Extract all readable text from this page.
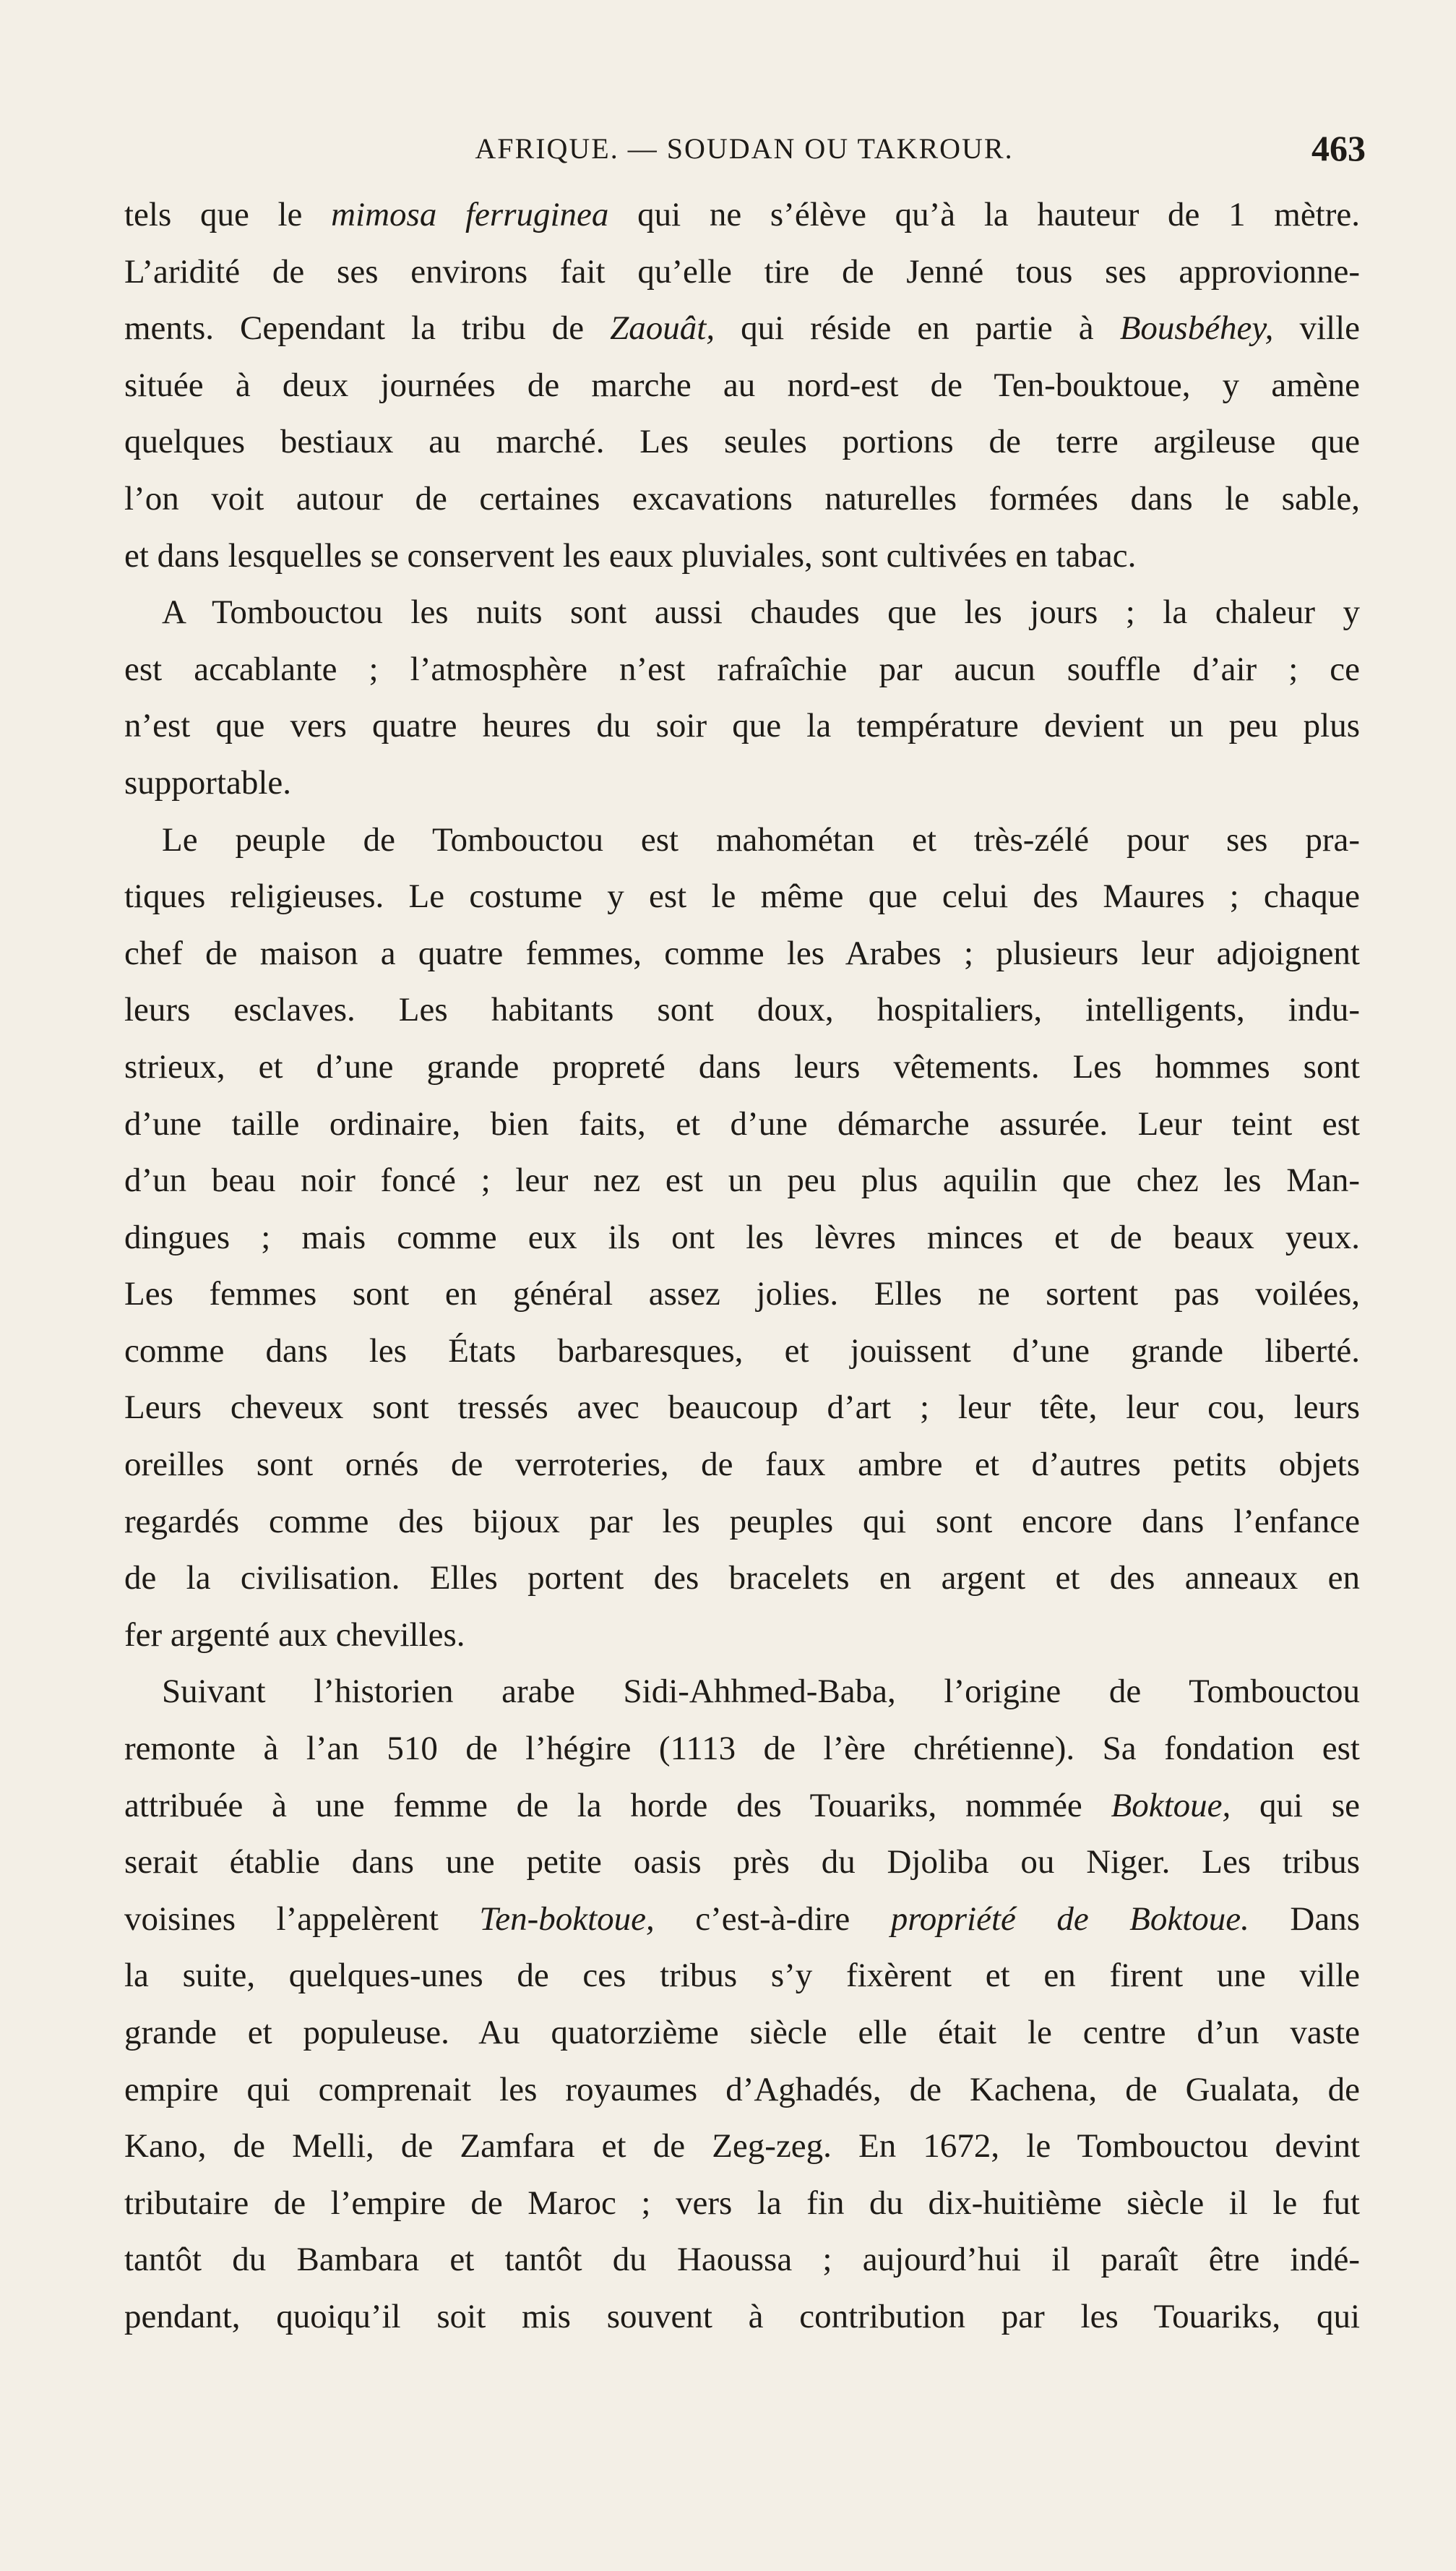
AFRIQUE. — SOUDAN OU TAKROUR.	463
tels que le mimosa ferruginea qui ne s’élève qu’à la hauteur de 1 mètre.
L’aridité de ses environs fait qu’elle tire de Jenné tous ses approvionne-
ments. Cependant la tribu de Zaouât, qui réside en partie à Bousbéhey, ville
située à deux journées de marche au nord-est de Ten-bouktoue, y amène
quelques bestiaux au marché. Les seules portions de terre argileuse que
l’on voit autour de certaines excavations naturelles formées dans le sable,
et dans lesquelles se conservent les eaux pluviales, sont cultivées en tabac.
A Tombouctou les nuits sont aussi chaudes que les jours ; la chaleur y
est accablante ; l’atmosphère n’est rafraîchie par aucun souffle d’air ; ce
n’est que vers quatre heures du soir que la température devient un peu plus
supportable.
Le peuple de Tombouctou est mahométan et très-zélé pour ses pra-
tiques religieuses. Le costume y est le même que celui des Maures ; chaque
chef de maison a quatre femmes, comme les Arabes ; plusieurs leur adjoignent
leurs esclaves. Les habitants sont doux, hospitaliers, intelligents, indu-
strieux, et d’une grande propreté dans leurs vêtements. Les hommes sont
d’une taille ordinaire, bien faits, et d’une démarche assurée. Leur teint est
d’un beau noir foncé ; leur nez est un peu plus aquilin que chez les Man-
dingues ; mais comme eux ils ont les lèvres minces et de beaux yeux.
Les femmes sont en général assez jolies. Elles ne sortent pas voilées,
comme dans les États barbaresques, et jouissent d’une grande liberté.
Leurs cheveux sont tressés avec beaucoup d’art ; leur tête, leur cou, leurs
oreilles sont ornés de verroteries, de faux ambre et d’autres petits objets
regardés comme des bijoux par les peuples qui sont encore dans l’enfance
de la civilisation. Elles portent des bracelets en argent et des anneaux en
fer argenté aux chevilles.
Suivant l’historien arabe Sidi-Ahhmed-Baba, l’origine de Tombouctou
remonte à l’an 510 de l’hégire (1113 de l’ère chrétienne). Sa fondation est
attribuée à une femme de la horde des Touariks, nommée Boktoue, qui se
serait établie dans une petite oasis près du Djoliba ou Niger. Les tribus
voisines l’appelèrent Ten-boktoue, c’est-à-dire propriété de Boktoue. Dans
la suite, quelques-unes de ces tribus s’y fixèrent et en firent une ville
grande et populeuse. Au quatorzième siècle elle était le centre d’un vaste
empire qui comprenait les royaumes d’Aghadés, de Kachena, de Gualata, de
Kano, de Melli, de Zamfara et de Zeg-zeg. En 1672, le Tombouctou devint
tributaire de l’empire de Maroc ; vers la fin du dix-huitième siècle il le fut
tantôt du Bambara et tantôt du Haoussa ; aujourd’hui il paraît être indé-
pendant, quoiqu’il soit mis souvent à contribution par les Touariks, qui
